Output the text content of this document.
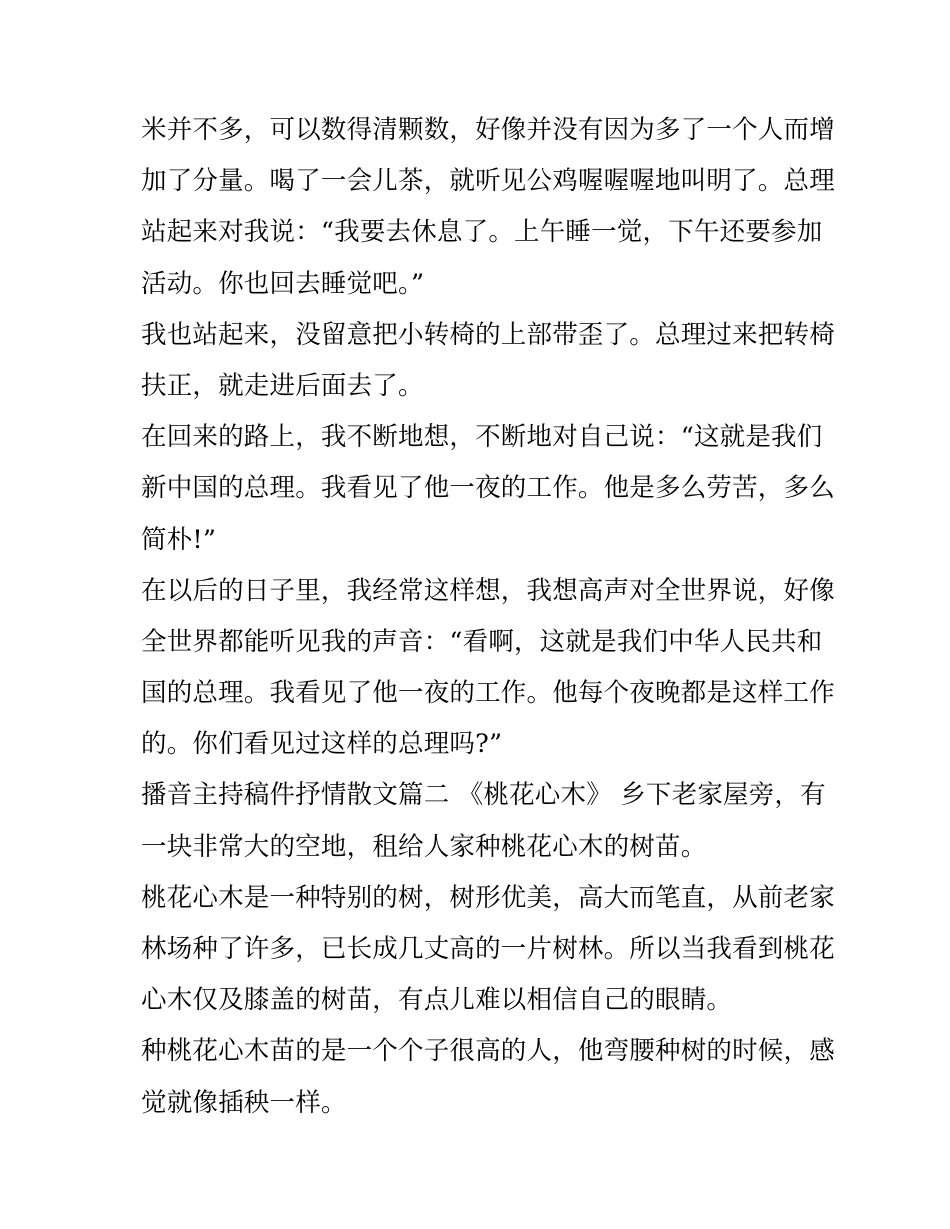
米并不多，可以数得清颗数，好像并没有因为多了一个人而增
加了分量。喝了一会儿茶，就听见公鸡喔喔喔地叫明了。总理
站起来对我说：“我要去休息了。上午睡一觉，下午还要参加
活动。你也回去睡觉吧。”
我也站起来，没留意把小转椅的上部带歪了。总理过来把转椅
扶正，就走进后面去了。
在回来的路上，我不断地想，不断地对自己说：“这就是我们
新中国的总理。我看见了他一夜的工作。他是多么劳苦，多么
简朴!”
在以后的日子里，我经常这样想，我想高声对全世界说，好像
全世界都能听见我的声音：“看啊，这就是我们中华人民共和
国的总理。我看见了他一夜的工作。他每个夜晚都是这样工作
的。你们看见过这样的总理吗?”
播音主持稿件抒情散文篇二 《桃花心木》 乡下老家屋旁，有
一块非常大的空地，租给人家种桃花心木的树苗。
桃花心木是一种特别的树，树形优美，高大而笔直，从前老家
林场种了许多，已长成几丈高的一片树林。所以当我看到桃花
心木仅及膝盖的树苗，有点儿难以相信自己的眼睛。
种桃花心木苗的是一个个子很高的人，他弯腰种树的时候，感
觉就像插秧一样。
